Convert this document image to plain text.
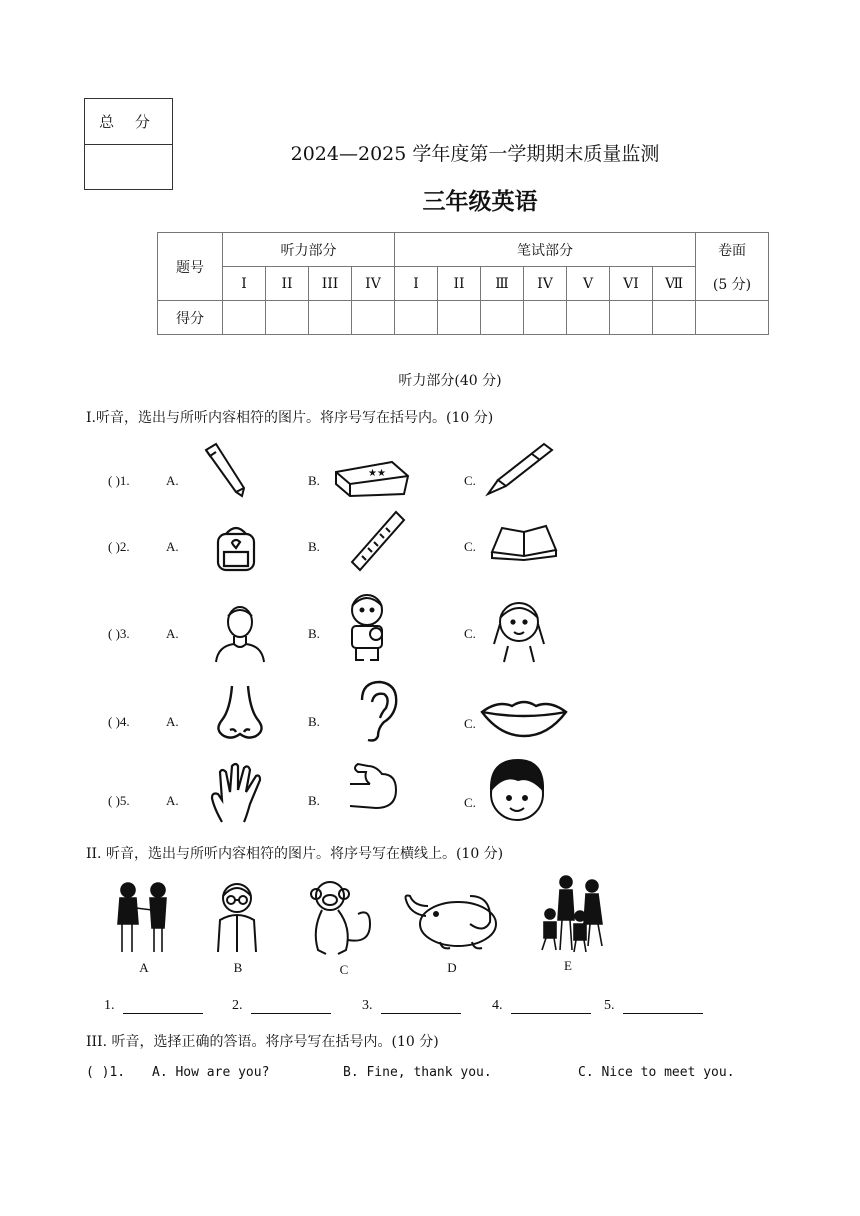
总 分
2024—2025 学年度第一学期期末质量监测
三年级英语
题号	听力部分				笔试部分							卷面
(5 分)

	I	II	III	IV	I	II	Ⅲ	IV	V	VI	Ⅶ	
得分												
听力部分(40 分)
I.听音，选出与所听内容相符的图片。将序号写在括号内。(10 分)
( )1.	A.	B.	C.
★★
( )2.	A.	B.	C.
( )3.	A.	B.	C.
( )4.	A.	B.	C.
( )5.	A.	B.	C.
II. 听音，选出与所听内容相符的图片。将序号写在横线上。(10 分)
A	B	C	D	E
1.	2.	3.	4.	5.
III. 听音，选择正确的答语。将序号写在括号内。(10 分)
( )1. A. How are you?	B. Fine, thank you.	C. Nice to meet you.
